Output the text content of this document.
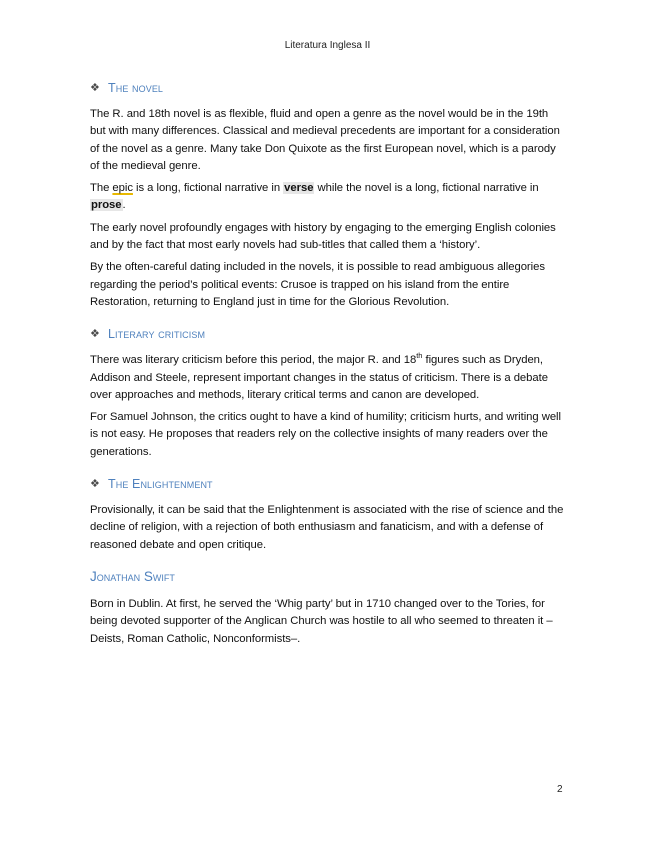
Literatura Inglesa II
❖ The novel

The R. and 18th novel is as flexible, fluid and open a genre as the novel would be in the 19th but with many differences. Classical and medieval precedents are important for a consideration of the novel as a genre. Many take Don Quixote as the first European novel, which is a parody of the medieval genre.

The epic is a long, fictional narrative in verse while the novel is a long, fictional narrative in prose.

The early novel profoundly engages with history by engaging to the emerging English colonies and by the fact that most early novels had sub-titles that called them a ‘history’.

By the often-careful dating included in the novels, it is possible to read ambiguous allegories regarding the period’s political events: Crusoe is trapped on his island from the entire Restoration, returning to England just in time for the Glorious Revolution.

❖ Literary criticism

There was literary criticism before this period, the major R. and 18th figures such as Dryden, Addison and Steele, represent important changes in the status of criticism. There is a debate over approaches and methods, literary critical terms and canon are developed.

For Samuel Johnson, the critics ought to have a kind of humility; criticism hurts, and writing well is not easy. He proposes that readers rely on the collective insights of many readers over the generations.

❖ The Enlightenment

Provisionally, it can be said that the Enlightenment is associated with the rise of science and the decline of religion, with a rejection of both enthusiasm and fanaticism, and with a defense of reasoned debate and open critique.

Jonathan Swift

Born in Dublin. At first, he served the ‘Whig party’ but in 1710 changed over to the Tories, for being devoted supporter of the Anglican Church was hostile to all who seemed to threaten it –Deists, Roman Catholic, Nonconformists–.

2
